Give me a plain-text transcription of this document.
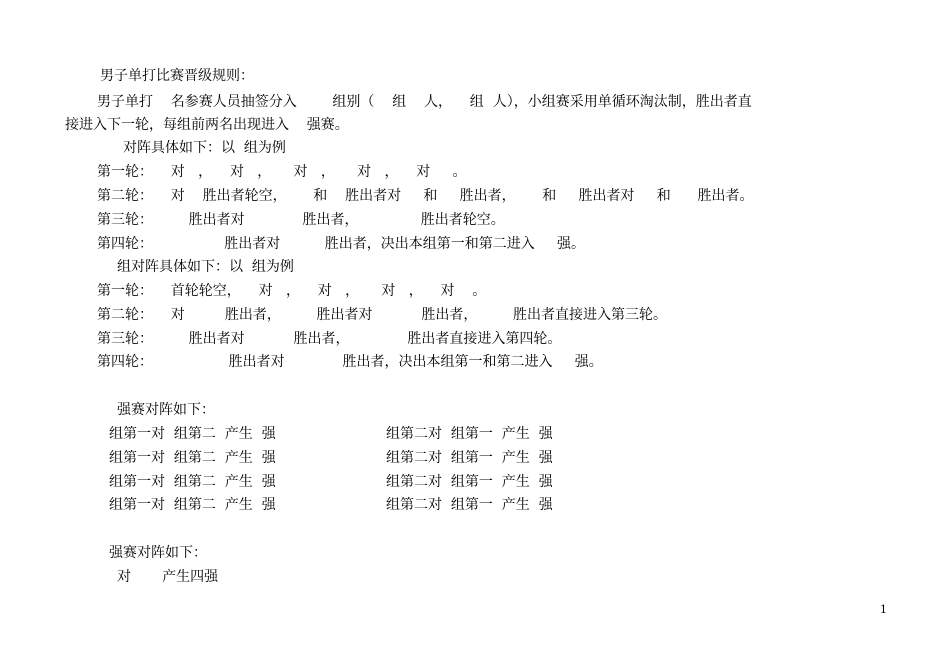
男子单打比赛晋级规则：
男子单打    名参赛人员抽签分入        组别（    组    人，    组  人），小组赛采用单循环淘汰制，胜出者直
接进入下一轮，每组前两名出现进入    强赛。
对阵具体如下：以  组为例
第一轮：    对   ，    对   ，     对   ，     对   ，    对     。
第二轮：    对    胜出者轮空，      和    胜出者对     和     胜出者，      和     胜出者对     和      胜出者。
第三轮：        胜出者对             胜出者，              胜出者轮空。
第四轮：                胜出者对          胜出者，决出本组第一和第二进入     强。
组对阵具体如下：以  组为例
第一轮：    首轮轮空，    对   ，    对   ，     对   ，    对    。
第二轮：    对         胜出者，        胜出者对           胜出者，        胜出者直接进入第三轮。
第三轮：        胜出者对           胜出者，             胜出者直接进入第四轮。
第四轮：                 胜出者对             胜出者，决出本组第一和第二进入     强。
强赛对阵如下：
组第一对  组第二  产生  强	组第二对  组第一  产生  强
组第一对  组第二  产生  强	组第二对  组第一  产生  强
组第一对  组第二  产生  强	组第二对  组第一  产生  强
组第一对  组第二  产生  强	组第二对  组第一  产生  强
强赛对阵如下：
对       产生四强
1
